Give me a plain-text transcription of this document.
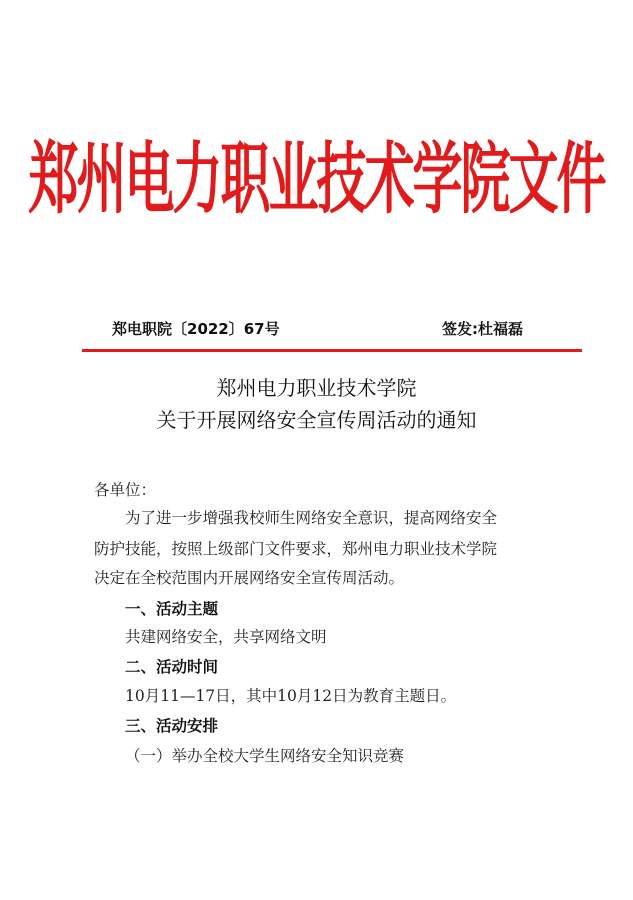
郑州电力职业技术学院文件
郑电职院〔2022〕67号	签发:杜福磊
郑州电力职业技术学院
关于开展网络安全宣传周活动的通知
各单位：
为了进一步增强我校师生网络安全意识，提高网络安全
防护技能，按照上级部门文件要求，郑州电力职业技术学院
决定在全校范围内开展网络安全宣传周活动。
一、活动主题
共建网络安全，共享网络文明
二、活动时间
10月11—17日，其中10月12日为教育主题日。
三、活动安排
（一）举办全校大学生网络安全知识竞赛
